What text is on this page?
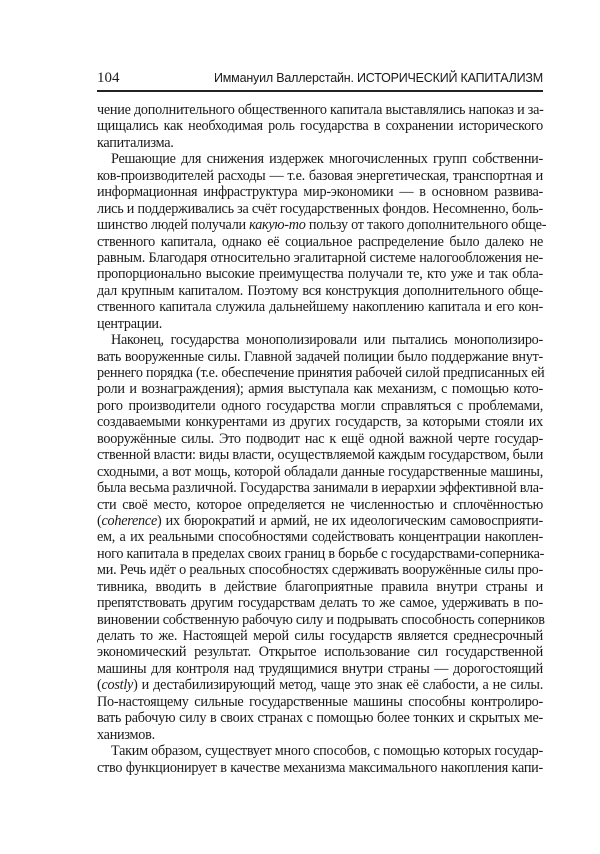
104	Иммануил Валлерстайн. ИСТОРИЧЕСКИЙ КАПИТАЛИЗМ
чение дополнительного общественного капитала выставлялись напоказ и за-
щищались как необходимая роль государства в сохранении исторического
капитализма.
Решающие для снижения издержек многочисленных групп собственни-
ков-производителей расходы — т.е. базовая энергетическая, транспортная и
информационная инфраструктура мир-экономики — в основном развива-
лись и поддерживались за счёт государственных фондов. Несомненно, боль-
шинство людей получали какую-то пользу от такого дополнительного обще-
ственного капитала, однако её социальное распределение было далеко не
равным. Благодаря относительно эгалитарной системе налогообложения не-
пропорционально высокие преимущества получали те, кто уже и так обла-
дал крупным капиталом. Поэтому вся конструкция дополнительного обще-
ственного капитала служила дальнейшему накоплению капитала и его кон-
центрации.
Наконец, государства монополизировали или пытались монополизиро-
вать вооруженные силы. Главной задачей полиции было поддержание внут-
реннего порядка (т.е. обеспечение принятия рабочей силой предписанных ей
роли и вознаграждения); армия выступала как механизм, с помощью кото-
рого производители одного государства могли справляться с проблемами,
создаваемыми конкурентами из других государств, за которыми стояли их
вооружённые силы. Это подводит нас к ещё одной важной черте государ-
ственной власти: виды власти, осуществляемой каждым государством, были
сходными, а вот мощь, которой обладали данные государственные машины,
была весьма различной. Государства занимали в иерархии эффективной вла-
сти своё место, которое определяется не численностью и сплочённостью
(coherence) их бюрократий и армий, не их идеологическим самовосприяти-
ем, а их реальными способностями содействовать концентрации накоплен-
ного капитала в пределах своих границ в борьбе с государствами-соперника-
ми. Речь идёт о реальных способностях сдерживать вооружённые силы про-
тивника, вводить в действие благоприятные правила внутри страны и
препятствовать другим государствам делать то же самое, удерживать в по-
виновении собственную рабочую силу и подрывать способность соперников
делать то же. Настоящей мерой силы государств является среднесрочный
экономический результат. Открытое использование сил государственной
машины для контроля над трудящимися внутри страны — дорогостоящий
(costly) и дестабилизирующий метод, чаще это знак её слабости, а не силы.
По-настоящему сильные государственные машины способны контролиро-
вать рабочую силу в своих странах с помощью более тонких и скрытых ме-
ханизмов.
Таким образом, существует много способов, с помощью которых государ-
ство функционирует в качестве механизма максимального накопления капи-
